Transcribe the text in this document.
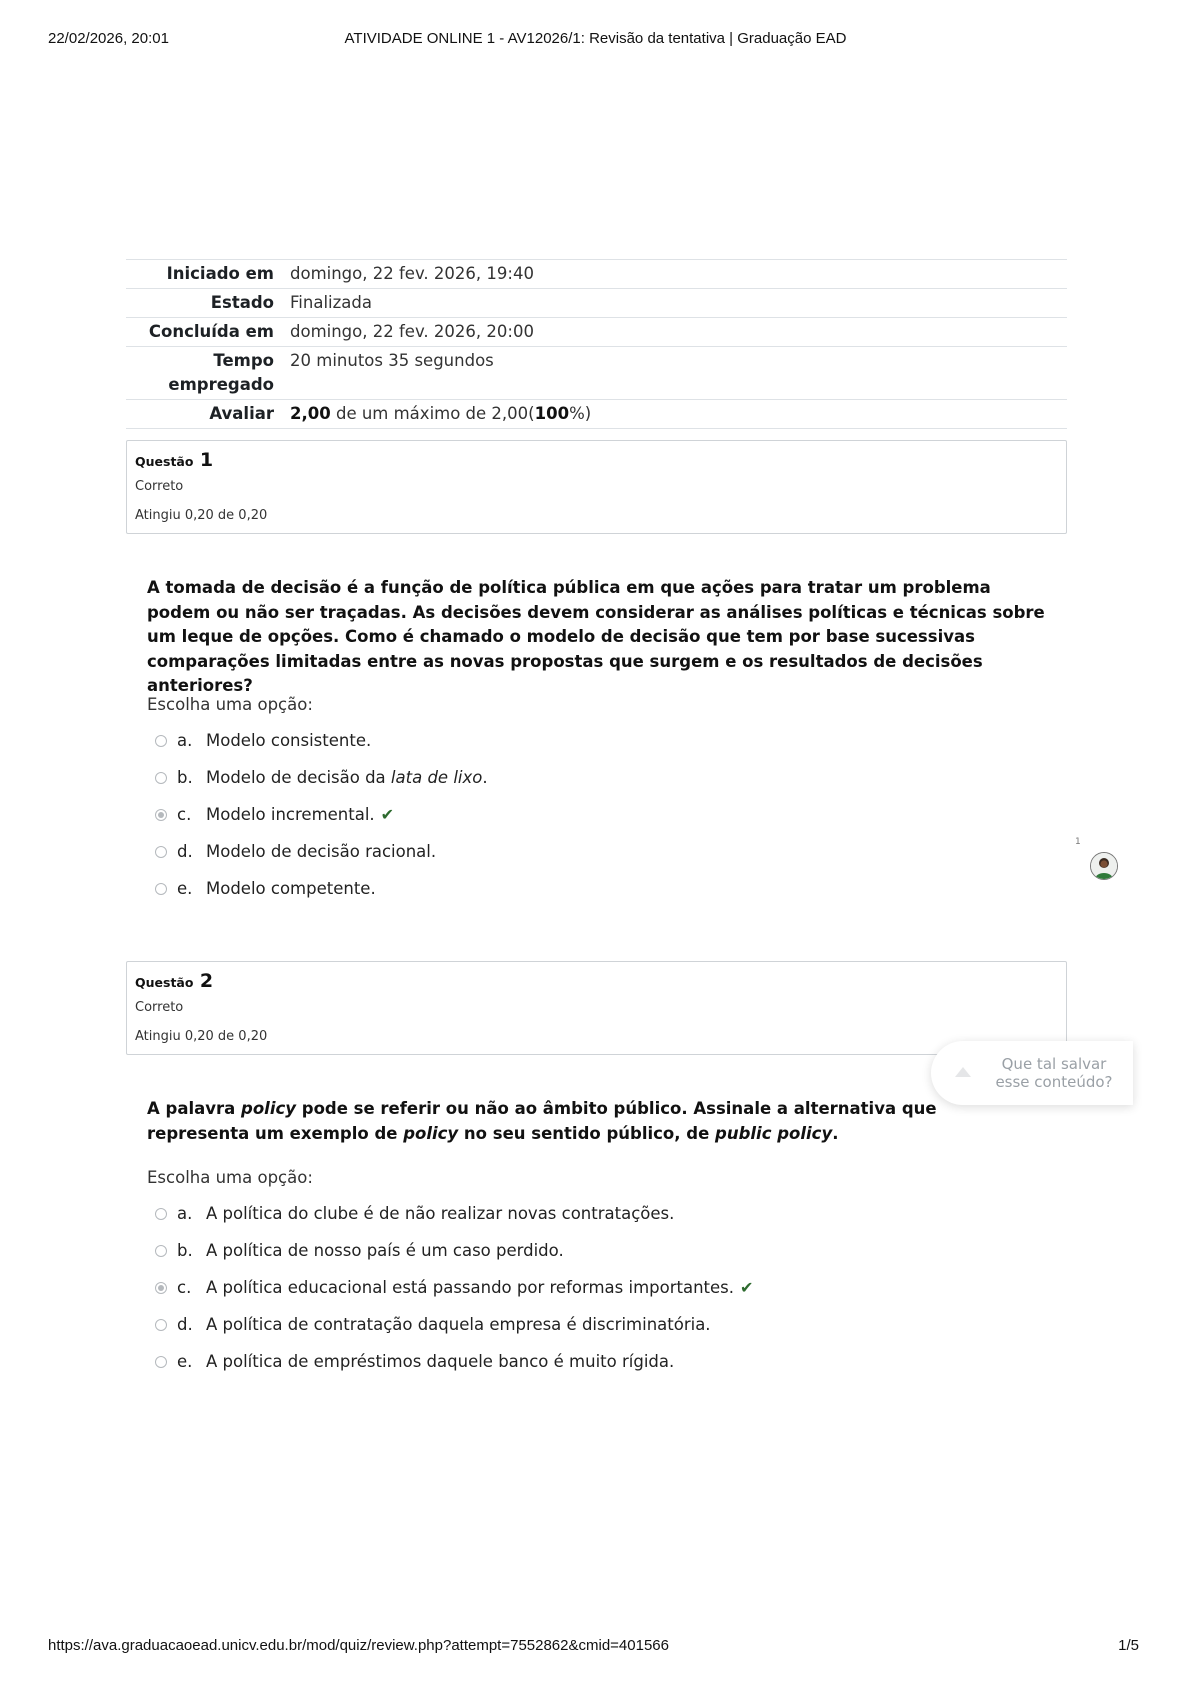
22/02/2026, 20:01	ATIVIDADE ONLINE 1 - AV12026/1: Revisão da tentativa | Graduação EAD
Iniciado em	domingo, 22 fev. 2026, 19:40
Estado	Finalizada
Concluída em	domingo, 22 fev. 2026, 20:00
Tempo
empregado	20 minutos 35 segundos
Avaliar	2,00 de um máximo de 2,00(100%)
Questão 1
Correto
Atingiu 0,20 de 0,20
A tomada de decisão é a função de política pública em que ações para tratar um problema podem ou não ser traçadas. As decisões devem considerar as análises políticas e técnicas sobre um leque de opções. Como é chamado o modelo de decisão que tem por base sucessivas comparações limitadas entre as novas propostas que surgem e os resultados de decisões anteriores?
Escolha uma opção:
a. Modelo consistente.
b. Modelo de decisão da lata de lixo.
c. Modelo incremental. ✔
d. Modelo de decisão racional.
e. Modelo competente.
1
Questão 2
Correto
Atingiu 0,20 de 0,20
A palavra policy pode se referir ou não ao âmbito público. Assinale a alternativa que representa um exemplo de policy no seu sentido público, de public policy.
Escolha uma opção:
a. A política do clube é de não realizar novas contratações.
b. A política de nosso país é um caso perdido.
c. A política educacional está passando por reformas importantes. ✔
d. A política de contratação daquela empresa é discriminatória.
e. A política de empréstimos daquele banco é muito rígida.
Que tal salvar esse conteúdo?
https://ava.graduacaoead.unicv.edu.br/mod/quiz/review.php?attempt=7552862&cmid=401566	1/5
